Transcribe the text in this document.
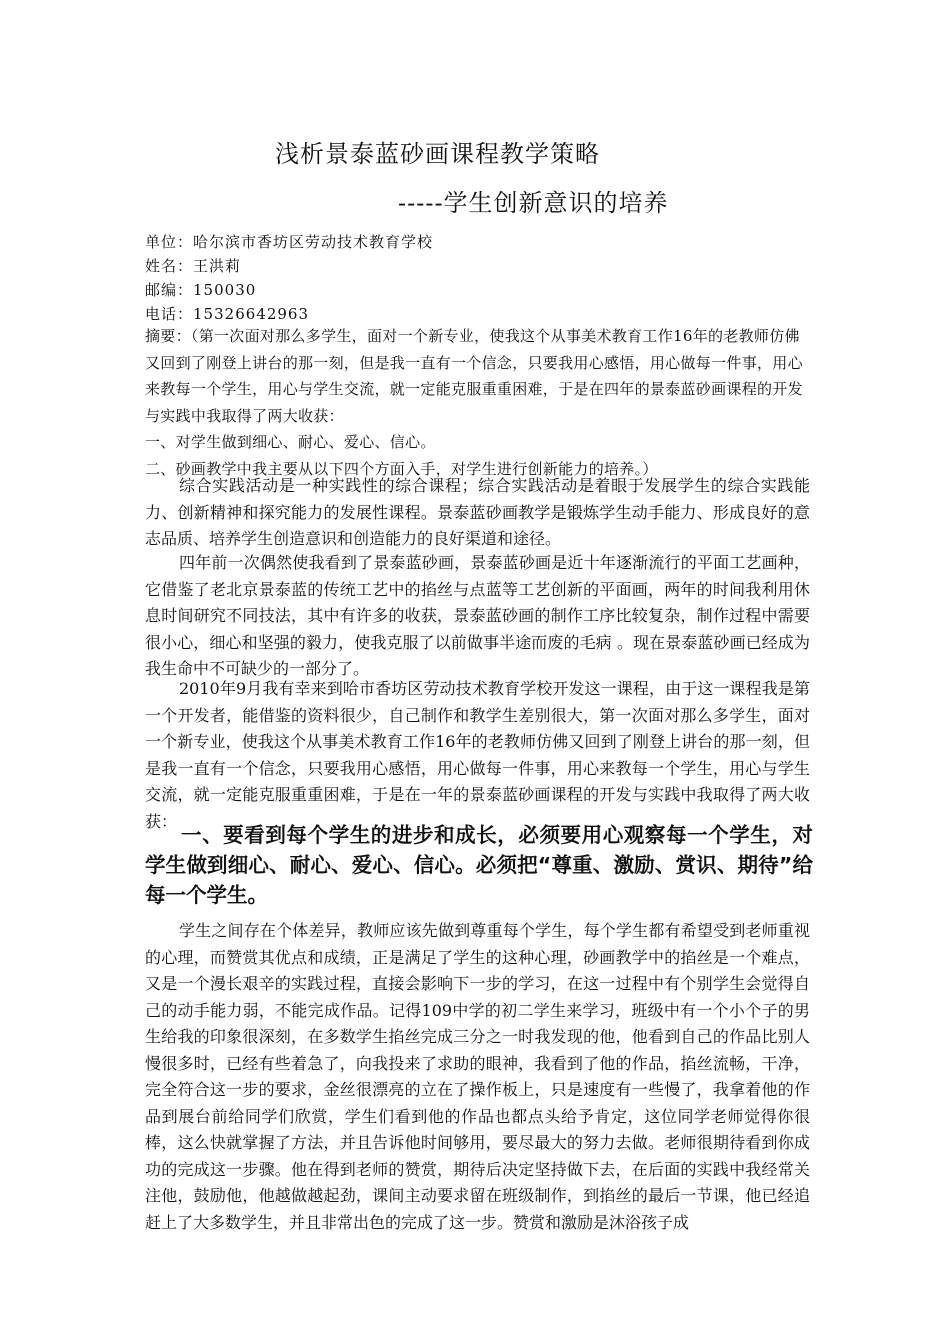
浅析景泰蓝砂画课程教学策略
-----学生创新意识的培养
单位：哈尔滨市香坊区劳动技术教育学校
姓名：王洪莉
邮编：150030
电话：15326642963
摘要：（第一次面对那么多学生，面对一个新专业，使我这个从事美术教育工作16年的老教师仿佛又回到了刚登上讲台的那一刻，但是我一直有一个信念，只要我用心感悟，用心做每一件事，用心来教每一个学生，用心与学生交流，就一定能克服重重困难，于是在四年的景泰蓝砂画课程的开发与实践中我取得了两大收获：
一、对学生做到细心、耐心、爱心、信心。
二、砂画教学中我主要从以下四个方面入手，对学生进行创新能力的培养。）
综合实践活动是一种实践性的综合课程；综合实践活动是着眼于发展学生的综合实践能力、创新精神和探究能力的发展性课程。景泰蓝砂画教学是锻炼学生动手能力、形成良好的意志品质、培养学生创造意识和创造能力的良好渠道和途径。
四年前一次偶然使我看到了景泰蓝砂画，景泰蓝砂画是近十年逐渐流行的平面工艺画种，它借鉴了老北京景泰蓝的传统工艺中的掐丝与点蓝等工艺创新的平面画，两年的时间我利用休息时间研究不同技法，其中有许多的收获，景泰蓝砂画的制作工序比较复杂，制作过程中需要很小心，细心和坚强的毅力，使我克服了以前做事半途而废的毛病 。现在景泰蓝砂画已经成为我生命中不可缺少的一部分了。
2010年9月我有幸来到哈市香坊区劳动技术教育学校开发这一课程，由于这一课程我是第一个开发者，能借鉴的资料很少，自己制作和教学生差别很大，第一次面对那么多学生，面对一个新专业，使我这个从事美术教育工作16年的老教师仿佛又回到了刚登上讲台的那一刻，但是我一直有一个信念，只要我用心感悟，用心做每一件事，用心来教每一个学生，用心与学生交流，就一定能克服重重困难，于是在一年的景泰蓝砂画课程的开发与实践中我取得了两大收获：
一、要看到每个学生的进步和成长，必须要用心观察每一个学生，对学生做到细心、耐心、爱心、信心。必须把“尊重、激励、赏识、期待”给每一个学生。
学生之间存在个体差异，教师应该先做到尊重每个学生，每个学生都有希望受到老师重视的心理，而赞赏其优点和成绩，正是满足了学生的这种心理，砂画教学中的掐丝是一个难点，又是一个漫长艰辛的实践过程，直接会影响下一步的学习，在这一过程中有个别学生会觉得自己的动手能力弱，不能完成作品。记得109中学的初二学生来学习，班级中有一个小个子的男生给我的印象很深刻，在多数学生掐丝完成三分之一时我发现的他，他看到自己的作品比别人慢很多时，已经有些着急了，向我投来了求助的眼神，我看到了他的作品，掐丝流畅，干净，完全符合这一步的要求，金丝很漂亮的立在了操作板上，只是速度有一些慢了，我拿着他的作品到展台前给同学们欣赏，学生们看到他的作品也都点头给予肯定，这位同学老师觉得你很棒，这么快就掌握了方法，并且告诉他时间够用，要尽最大的努力去做。老师很期待看到你成功的完成这一步骤。他在得到老师的赞赏，期待后决定坚持做下去，在后面的实践中我经常关注他，鼓励他，他越做越起劲，课间主动要求留在班级制作，到掐丝的最后一节课，他已经追赶上了大多数学生，并且非常出色的完成了这一步。赞赏和激励是沐浴孩子成
